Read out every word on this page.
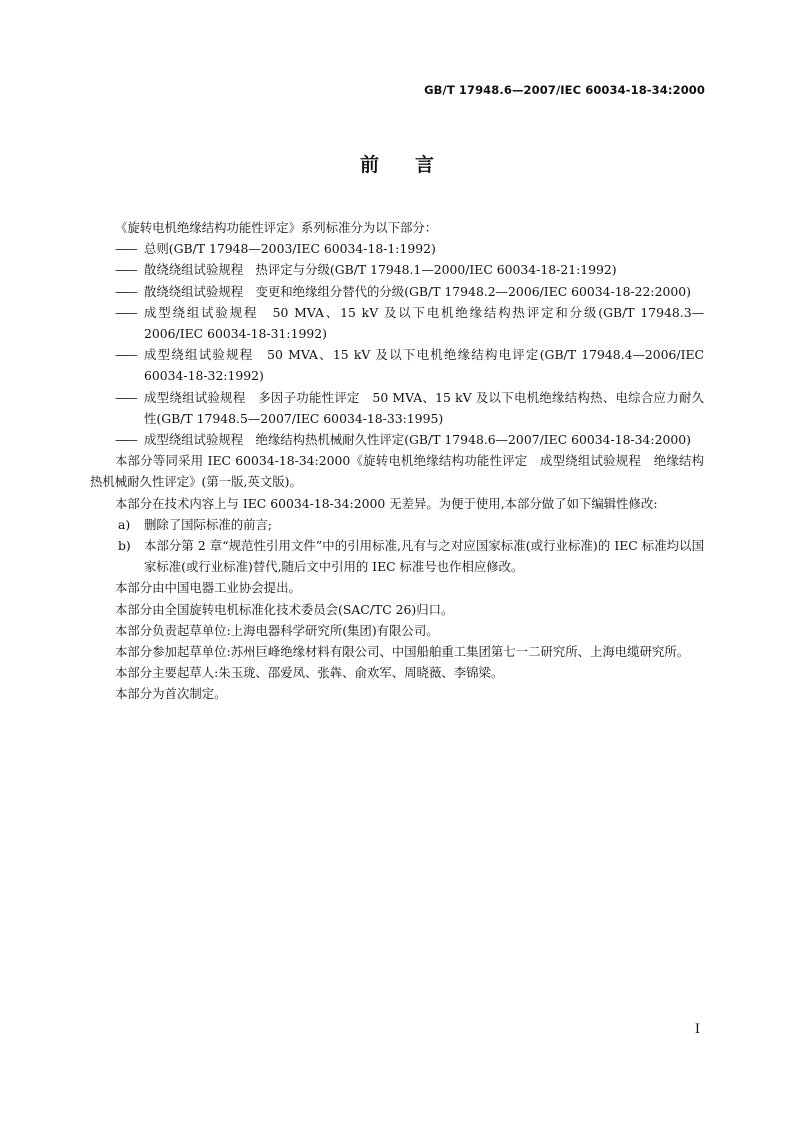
GB/T 17948.6—2007/IEC 60034-18-34:2000
前言

《旋转电机绝缘结构功能性评定》系列标准分为以下部分：

—— 总则(GB/T 17948—2003/IEC 60034-18-1:1992)

—— 散绕绕组试验规程　热评定与分级(GB/T 17948.1—2000/IEC 60034-18-21:1992)

—— 散绕绕组试验规程　变更和绝缘组分替代的分级(GB/T 17948.2—2006/IEC 60034-18-22:2000)

—— 成型绕组试验规程　50 MVA、15 kV 及以下电机绝缘结构热评定和分级(GB/T 17948.3—2006/IEC 60034-18-31:1992)

—— 成型绕组试验规程　50 MVA、15 kV 及以下电机绝缘结构电评定(GB/T 17948.4—2006/IEC 60034-18-32:1992)

—— 成型绕组试验规程　多因子功能性评定　50 MVA、15 kV 及以下电机绝缘结构热、电综合应力耐久性(GB/T 17948.5—2007/IEC 60034-18-33:1995)

—— 成型绕组试验规程　绝缘结构热机械耐久性评定(GB/T 17948.6—2007/IEC 60034-18-34:2000)

本部分等同采用 IEC 60034-18-34:2000《旋转电机绝缘结构功能性评定　成型绕组试验规程　绝缘结构热机械耐久性评定》(第一版,英文版)。

本部分在技术内容上与 IEC 60034-18-34:2000 无差异。为便于使用,本部分做了如下编辑性修改:

a) 删除了国际标准的前言;

b) 本部分第 2 章“规范性引用文件”中的引用标准,凡有与之对应国家标准(或行业标准)的 IEC 标准均以国家标准(或行业标准)替代,随后文中引用的 IEC 标准号也作相应修改。

本部分由中国电器工业协会提出。

本部分由全国旋转电机标准化技术委员会(SAC/TC 26)归口。

本部分负责起草单位:上海电器科学研究所(集团)有限公司。

本部分参加起草单位:苏州巨峰绝缘材料有限公司、中国船舶重工集团第七一二研究所、上海电缆研究所。

本部分主要起草人:朱玉珑、邵爱凤、张犇、俞欢军、周晓薇、李锦梁。

本部分为首次制定。

I
